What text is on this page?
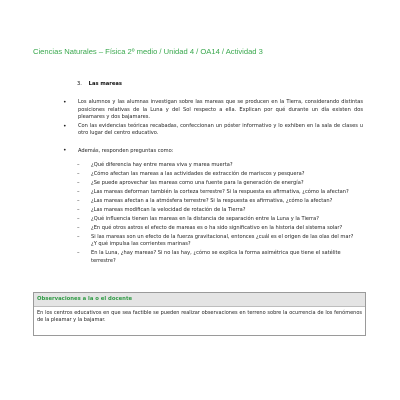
Ciencias Naturales – Física 2º medio / Unidad 4 / OA14 / Actividad 3
3. Las mareas
• Los alumnos y las alumnas investigan sobre las mareas que se producen en la Tierra, considerando distintas posiciones relativas de la Luna y del Sol respecto a ella. Explican por qué durante un día existen dos pleamares y dos bajamares.
• Con las evidencias teóricas recabadas, confeccionan un póster informativo y lo exhiben en la sala de clases u otro lugar del centro educativo.
• Además, responden preguntas como:
– ¿Qué diferencia hay entre marea viva y marea muerta?
– ¿Cómo afectan las mareas a las actividades de extracción de mariscos y pesquera?
– ¿Se puede aprovechar las mareas como una fuente para la generación de energía?
– ¿Las mareas deforman también la corteza terrestre? Si la respuesta es afirmativa, ¿cómo la afectan?
– ¿Las mareas afectan a la atmósfera terrestre? Si la respuesta es afirmativa, ¿cómo la afectan?
– ¿Las mareas modifican la velocidad de rotación de la Tierra?
– ¿Qué influencia tienen las mareas en la distancia de separación entre la Luna y la Tierra?
– ¿En qué otros astros el efecto de mareas es o ha sido significativo en la historia del sistema solar?
– Si las mareas son un efecto de la fuerza gravitacional, entonces ¿cuál es el origen de las olas del mar? ¿Y qué impulsa las corrientes marinas?
– En la Luna, ¿hay mareas? Si no las hay, ¿cómo se explica la forma asimétrica que tiene el satélite terrestre?
Observaciones a la o el docente
En los centros educativos en que sea factible se pueden realizar observaciones en terreno sobre la ocurrencia de los fenómenos de la pleamar y la bajamar.
